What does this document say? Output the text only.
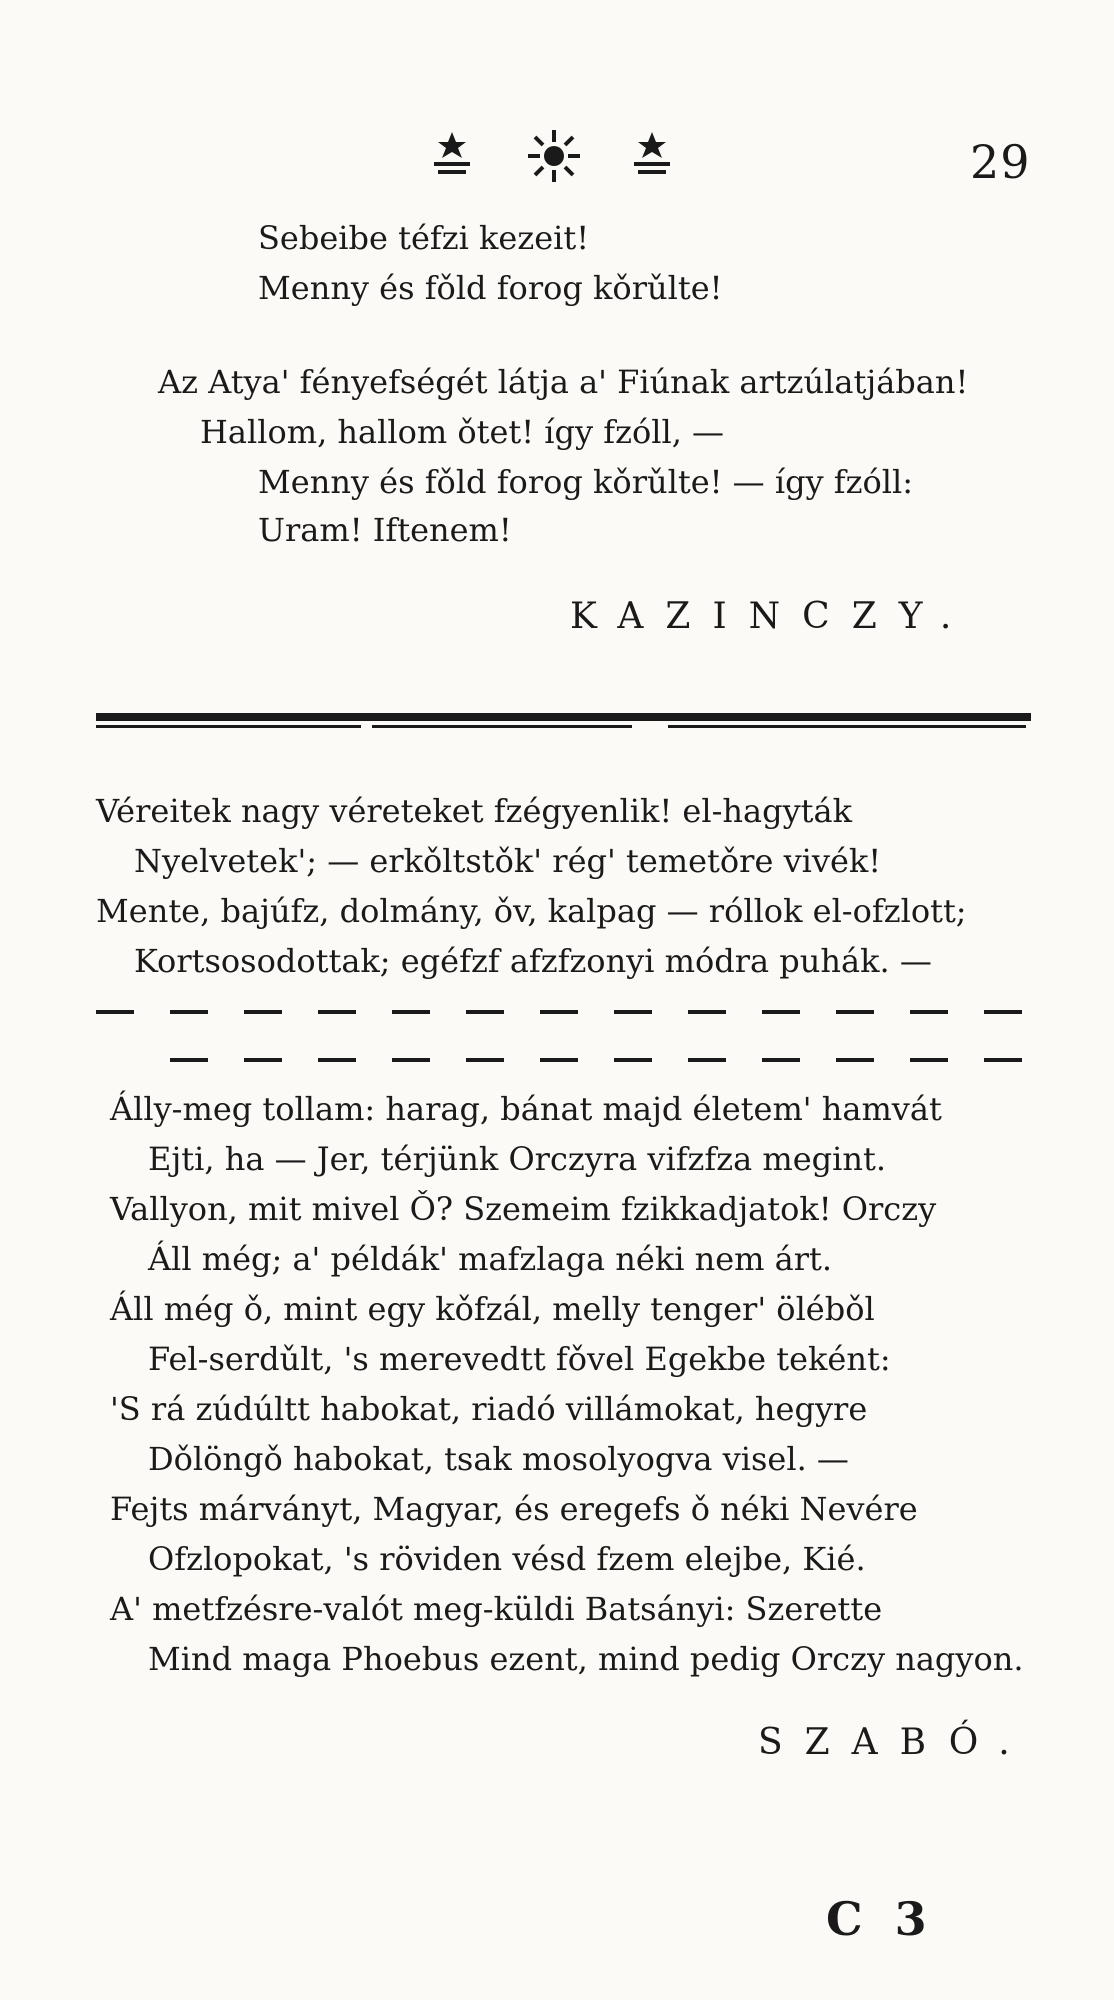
29
Sebeibe téfzi kezeit!
Menny és fǒld forog kǒrǔlte!
Az Atya' fényefségét látja a' Fiúnak artzúlatjában!
Hallom, hallom ǒtet! így fzóll, —
Menny és fǒld forog kǒrǔlte! — így fzóll:
Uram! Iftenem!
KAZINCZY.
Véreitek nagy véreteket fzégyenlik! el-hagyták
Nyelvetek'; — erkǒltstǒk' rég' temetǒre vivék!
Mente, bajúfz, dolmány, ǒv, kalpag — róllok el-ofzlott;
Kortsosodottak; egéfzf afzfzonyi módra puhák. —
Álly-meg tollam: harag, bánat majd életem' hamvát
Ejti, ha — Jer, térjünk Orczyra vifzfza megint.
Vallyon, mit mivel Ǒ? Szemeim fzikkadjatok! Orczy
Áll még; a' példák' mafzlaga néki nem árt.
Áll még ǒ, mint egy kǒfzál, melly tenger' ölébǒl
Fel-serdǔlt, 's merevedtt fǒvel Egekbe teként:
'S rá zúdúltt habokat, riadó villámokat, hegyre
Dǒlöngǒ habokat, tsak mosolyogva visel. —
Fejts márványt, Magyar, és eregefs ǒ néki Nevére
Ofzlopokat, 's röviden vésd fzem elejbe, Kié.
A' metfzésre-valót meg-küldi Batsányi: Szerette
Mind maga Phoebus ezent, mind pedig Orczy nagyon.
SZABÓ.
C 3
